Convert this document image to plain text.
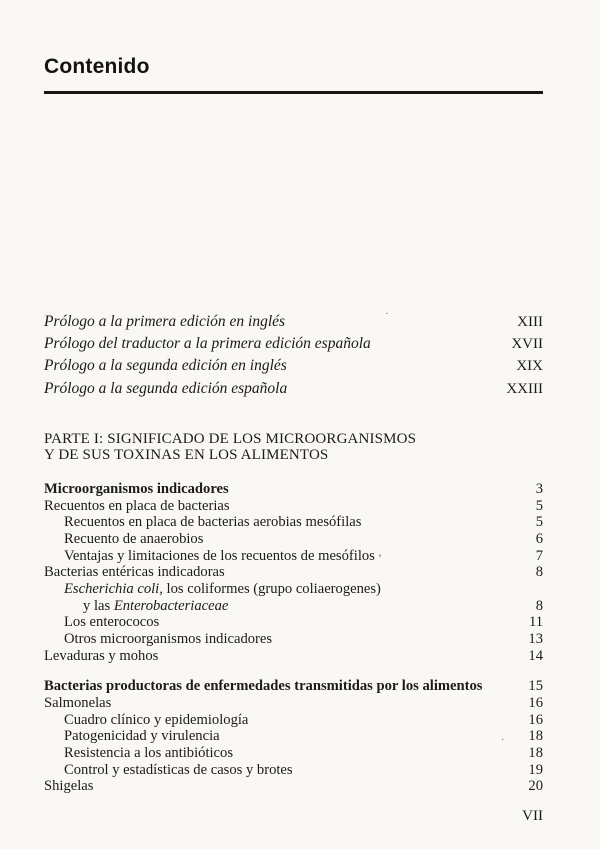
Contenido
Prólogo a la primera edición en inglés	XIII
Prólogo del traductor a la primera edición española	XVII
Prólogo a la segunda edición en inglés	XIX
Prólogo a la segunda edición española	XXIII
PARTE I: SIGNIFICADO DE LOS MICROORGANISMOS
Y DE SUS TOXINAS EN LOS ALIMENTOS
Microorganismos indicadores	3
Recuentos en placa de bacterias	5
Recuentos en placa de bacterias aerobias mesófilas	5
Recuento de anaerobios	6
Ventajas y limitaciones de los recuentos de mesófilos	7
Bacterias entéricas indicadoras	8
Escherichia coli, los coliformes (grupo coliaerogenes)
y las Enterobacteriaceae	8
Los enterococos	11
Otros microorganismos indicadores	13
Levaduras y mohos	14
Bacterias productoras de enfermedades transmitidas por los alimentos	15
Salmonelas	16
Cuadro clínico y epidemiología	16
Patogenicidad y virulencia	18
Resistencia a los antibióticos	18
Control y estadísticas de casos y brotes	19
Shigelas	20
VII
·
’
·
